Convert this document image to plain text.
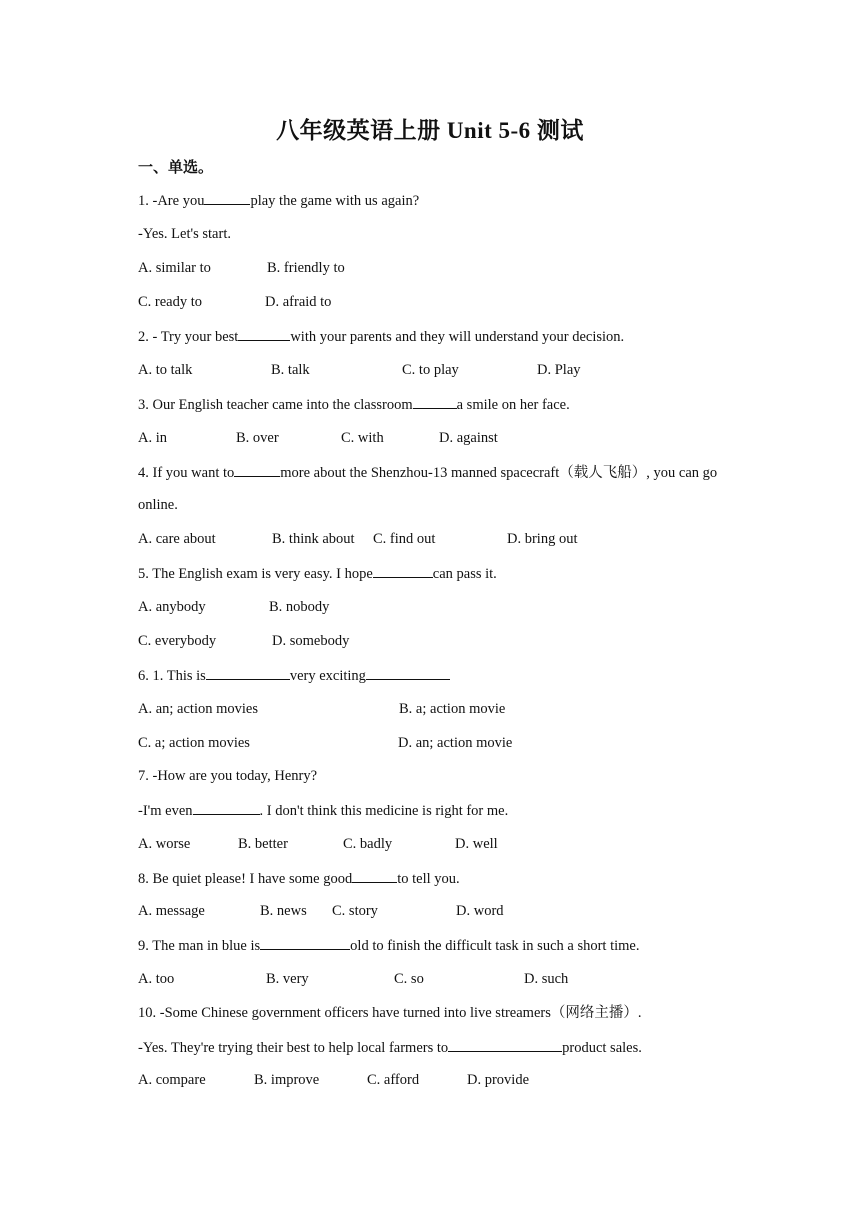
八年级英语上册 Unit 5-6 测试
一、单选。
1. -Are you	play the game with us again?
-Yes. Let's start.
A. similar to	B. friendly to
C. ready to	D. afraid to
2. - Try your best	with your parents and they will understand your decision.
A. to talk	B. talk	C. to play	D. Play
3. Our English teacher came into the classroom	a smile on her face.
A. in	B. over	C. with	D. against
4. If you want to	more about the Shenzhou-13 manned spacecraft（载人飞船）, you can go
online.
A. care about	B. think about C. find out	D. bring out
5. The English exam is very easy. I hope	can pass it.
A. anybody	B. nobody
C. everybody	D. somebody
6. 1. This is	very exciting
A. an; action movies	B. a; action movie
C. a; action movies	D. an; action movie
7. -How are you today, Henry?
-I'm even	. I don't think this medicine is right for me.
A. worse	B. better	C. badly	D. well
8. Be quiet please! I have some good	to tell you.
A. message	B. news C. story	D. word
9. The man in blue is	old to finish the difficult task in such a short time.
A. too	B. very	C. so	D. such
10. -Some Chinese government officers have turned into live streamers（网络主播）.
-Yes. They're trying their best to help local farmers to	product sales.
A. compare	B. improve	C. afford	D. provide
